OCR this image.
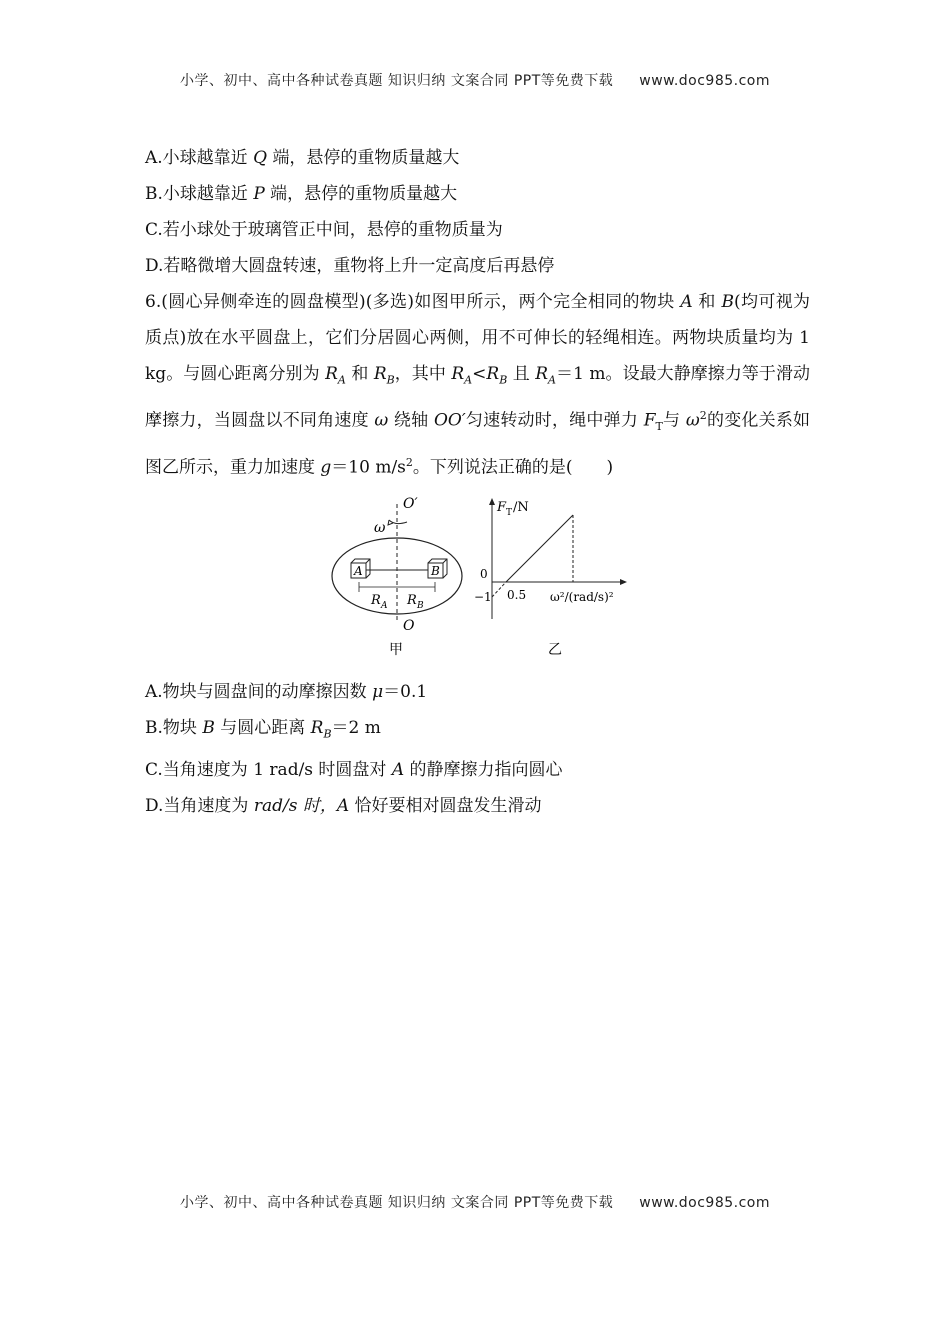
小学、初中、高中各种试卷真题 知识归纳 文案合同 PPT等免费下载 www.doc985.com
A.小球越靠近 Q 端，悬停的重物质量越大
B.小球越靠近 P 端，悬停的重物质量越大
C.若小球处于玻璃管正中间，悬停的重物质量为
D.若略微增大圆盘转速，重物将上升一定高度后再悬停
6.(圆心异侧牵连的圆盘模型)(多选)如图甲所示，两个完全相同的物块 A 和 B(均可视为质点)放在水平圆盘上，它们分居圆心两侧，用不可伸长的轻绳相连。两物块质量均为 1 kg。与圆心距离分别为 $R_A$ 和 $R_B$，其中 $R_A<R_B$ 且 $R_A=1$ m。设最大静摩擦力等于滑动摩擦力，当圆盘以不同角速度 ω 绕轴 OO′匀速转动时，绳中弹力 $F_T$与 $\omega^2$的变化关系如图乙所示，重力加速度 g＝10 $m/s^2$。下列说法正确的是(　　)
O′
O
ω
A	B
R A R B
甲
F T /N
0
−1 0.5 ω²/(rad/s)²
乙
A.物块与圆盘间的动摩擦因数 μ＝0.1
B.物块 B 与圆心距离 $R_B=2$ m
C.当角速度为 1 rad/s 时圆盘对 A 的静摩擦力指向圆心
D.当角速度为 rad/s 时，A 恰好要相对圆盘发生滑动
小学、初中、高中各种试卷真题 知识归纳 文案合同 PPT等免费下载 www.doc985.com
